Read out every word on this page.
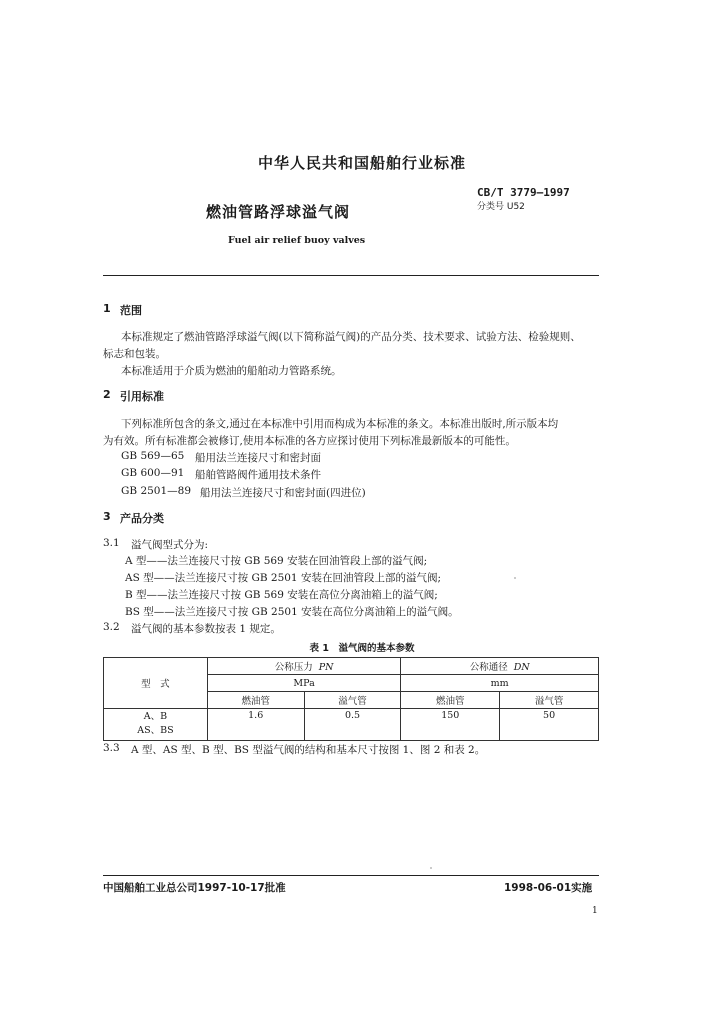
中华人民共和国船舶行业标准
燃油管路浮球溢气阀
Fuel air relief buoy valves
CB/T 3779—1997
分类号 U52
1 范围
本标准规定了燃油管路浮球溢气阀(以下简称溢气阀)的产品分类、技术要求、试验方法、检验规则、
标志和包装。
本标准适用于介质为燃油的船舶动力管路系统。
2 引用标准
下列标准所包含的条文,通过在本标准中引用而构成为本标准的条文。本标准出版时,所示版本均
为有效。所有标准都会被修订,使用本标准的各方应探讨使用下列标准最新版本的可能性。
GB 569—65 船用法兰连接尺寸和密封面
GB 600—91 船舶管路阀件通用技术条件
GB 2501—89 船用法兰连接尺寸和密封面(四进位)
3 产品分类
3.1 溢气阀型式分为:
A 型——法兰连接尺寸按 GB 569 安装在回油管段上部的溢气阀;
AS 型——法兰连接尺寸按 GB 2501 安装在回油管段上部的溢气阀;
B 型——法兰连接尺寸按 GB 569 安装在高位分离油箱上的溢气阀;
BS 型——法兰连接尺寸按 GB 2501 安装在高位分离油箱上的溢气阀。
3.2 溢气阀的基本参数按表 1 规定。
表 1　溢气阀的基本参数
型　式	公称压力 PN		公称通径 DN	
	MPa		mm	
	燃油管	溢气管	燃油管	溢气管
A、B
AS、BS	1.6	0.5	150	50
3.3 A 型、AS 型、B 型、BS 型溢气阀的结构和基本尺寸按图 1、图 2 和表 2。
中国船舶工业总公司1997-10-17批准	1998-06-01实施
1
